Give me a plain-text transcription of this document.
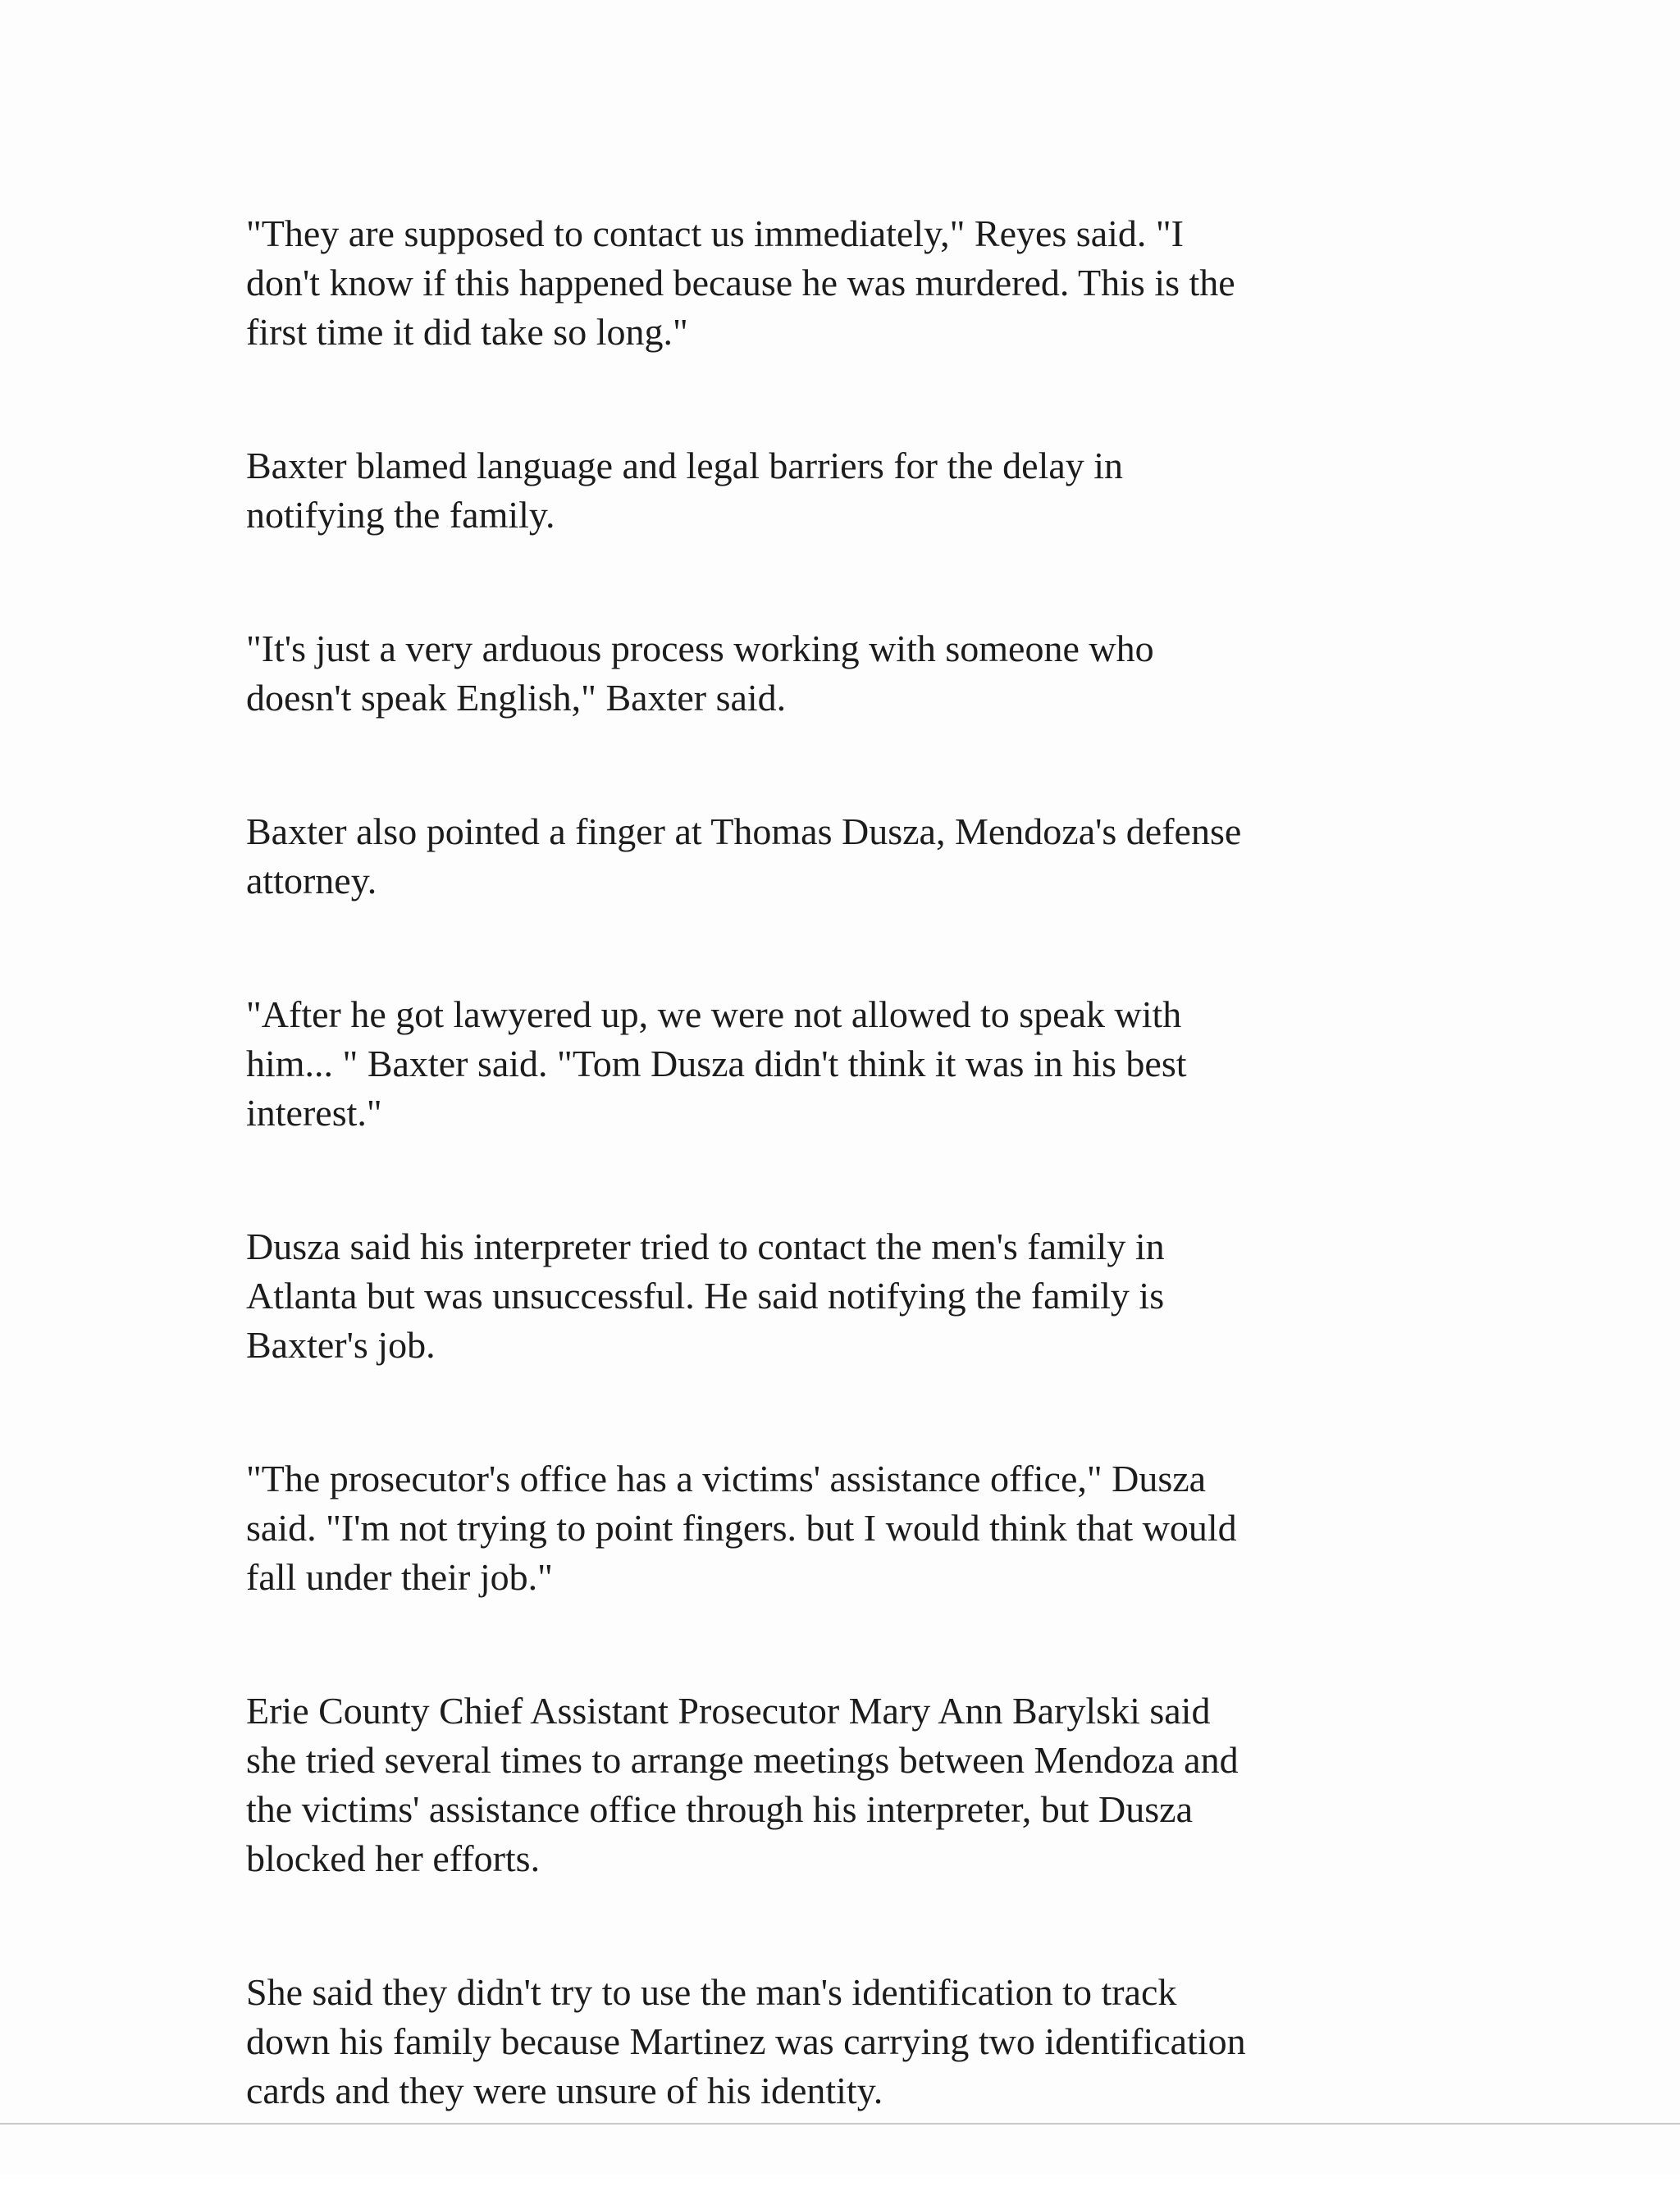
"They are supposed to contact us immediately," Reyes said. "I
don't know if this happened because he was murdered. This is the
first time it did take so long."

Baxter blamed language and legal barriers for the delay in
notifying the family.

"It's just a very arduous process working with someone who
doesn't speak English," Baxter said.

Baxter also pointed a finger at Thomas Dusza, Mendoza's defense
attorney.

"After he got lawyered up, we were not allowed to speak with
him... " Baxter said. "Tom Dusza didn't think it was in his best
interest."

Dusza said his interpreter tried to contact the men's family in
Atlanta but was unsuccessful. He said notifying the family is
Baxter's job.

"The prosecutor's office has a victims' assistance office," Dusza
said. "I'm not trying to point fingers. but I would think that would
fall under their job."

Erie County Chief Assistant Prosecutor Mary Ann Barylski said
she tried several times to arrange meetings between Mendoza and
the victims' assistance office through his interpreter, but Dusza
blocked her efforts.

She said they didn't try to use the man's identification to track
down his family because Martinez was carrying two identification
cards and they were unsure of his identity.
